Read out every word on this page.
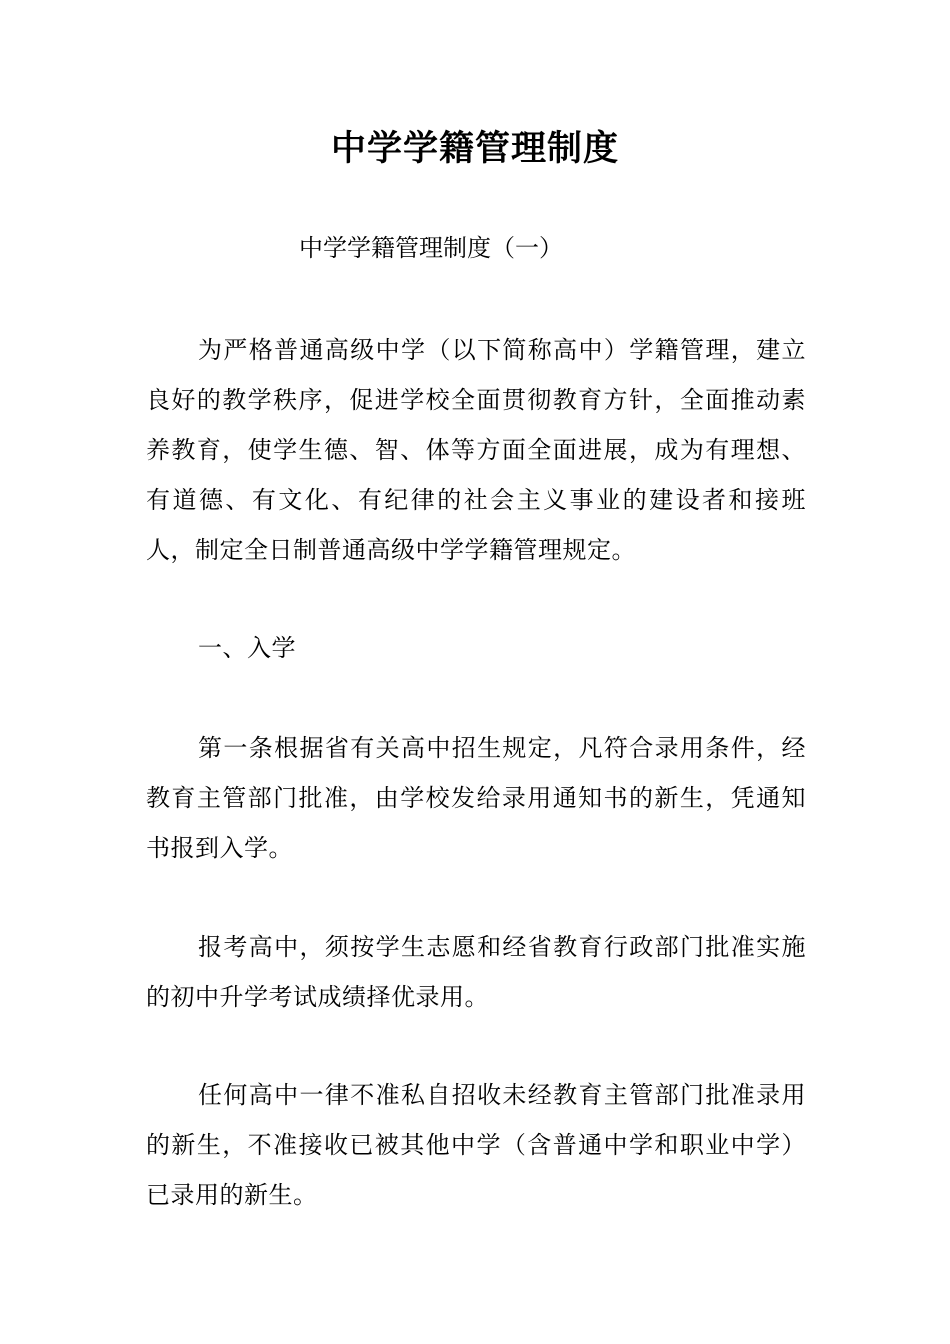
中学学籍管理制度
中学学籍管理制度（一）

为严格普通高级中学（以下简称高中）学籍管理，建立良好的教学秩序，促进学校全面贯彻教育方针，全面推动素养教育，使学生德、智、体等方面全面进展，成为有理想、有道德、有文化、有纪律的社会主义事业的建设者和接班人，制定全日制普通高级中学学籍管理规定。

一、入学

第一条根据省有关高中招生规定，凡符合录用条件，经教育主管部门批准，由学校发给录用通知书的新生，凭通知书报到入学。

报考高中，须按学生志愿和经省教育行政部门批准实施的初中升学考试成绩择优录用。

任何高中一律不准私自招收未经教育主管部门批准录用的新生，不准接收已被其他中学（含普通中学和职业中学）已录用的新生。
